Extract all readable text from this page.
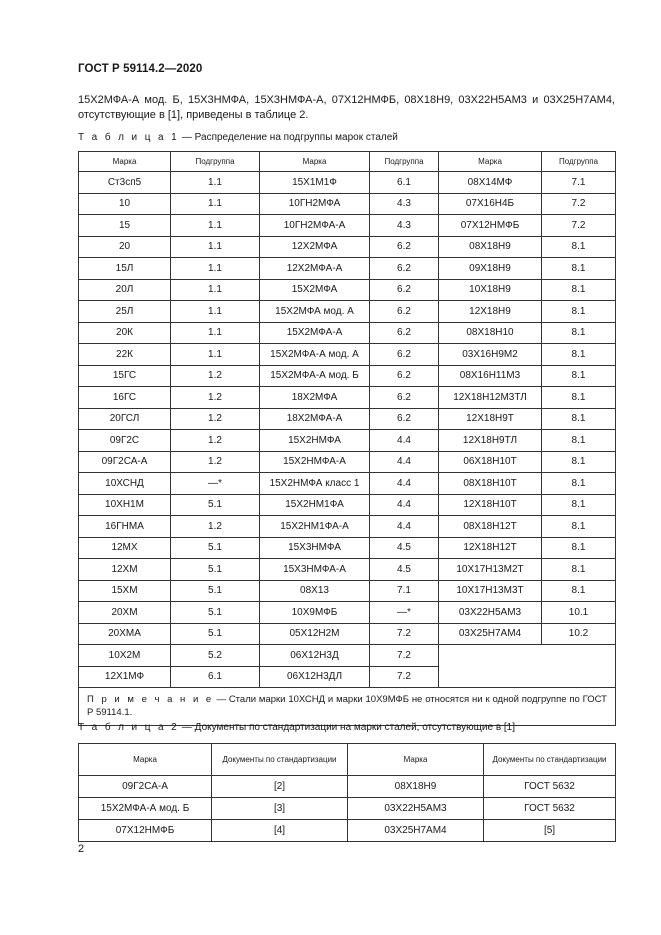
ГОСТ Р 59114.2—2020
15Х2МФА-А мод. Б, 15Х3НМФА, 15Х3НМФА-А, 07Х12НМФБ, 08Х18Н9, 03Х22Н5АМ3 и 03Х25Н7АМ4, отсутствующие в [1], приведены в таблице 2.
Т а б л и ц а 1 — Распределение на подгруппы марок сталей
Марка	Подгруппа	Марка	Подгруппа	Марка	Подгруппа
Ст3сп5	1.1	15Х1М1Ф	6.1	08Х14МФ	7.1
10	1.1	10ГН2МФА	4.3	07Х16Н4Б	7.2
15	1.1	10ГН2МФА-А	4.3	07Х12НМФБ	7.2
20	1.1	12Х2МФА	6.2	08Х18Н9	8.1
15Л	1.1	12Х2МФА-А	6.2	09Х18Н9	8.1
20Л	1.1	15Х2МФА	6.2	10Х18Н9	8.1
25Л	1.1	15Х2МФА мод. А	6.2	12Х18Н9	8.1
20К	1.1	15Х2МФА-А	6.2	08Х18Н10	8.1
22К	1.1	15Х2МФА-А мод. А	6.2	03Х16Н9М2	8.1
15ГС	1.2	15Х2МФА-А мод. Б	6.2	08Х16Н11М3	8.1
16ГС	1.2	18Х2МФА	6.2	12Х18Н12М3ТЛ	8.1
20ГСЛ	1.2	18Х2МФА-А	6.2	12Х18Н9Т	8.1
09Г2С	1.2	15Х2НМФА	4.4	12Х18Н9ТЛ	8.1
09Г2СА-А	1.2	15Х2НМФА-А	4.4	06Х18Н10Т	8.1
10ХСНД	—*	15Х2НМФА класс 1	4.4	08Х18Н10Т	8.1
10ХН1М	5.1	15Х2НМ1ФА	4.4	12Х18Н10Т	8.1
16ГНМА	1.2	15Х2НМ1ФА-А	4.4	08Х18Н12Т	8.1
12МХ	5.1	15Х3НМФА	4.5	12Х18Н12Т	8.1
12ХМ	5.1	15Х3НМФА-А	4.5	10Х17Н13М2Т	8.1
15ХМ	5.1	08Х13	7.1	10Х17Н13М3Т	8.1
20ХМ	5.1	10Х9МФБ	—*	03Х22Н5АМ3	10.1
20ХМА	5.1	05Х12Н2М	7.2	03Х25Н7АМ4	10.2
10Х2М	5.2	06Х12Н3Д	7.2		
12Х1МФ	6.1	06Х12Н3ДЛ	7.2		
П р и м е ч а н и е — Стали марки 10ХСНД и марки 10Х9МФБ не относятся ни к одной подгруппе по ГОСТ Р 59114.1.					
Т а б л и ц а 2 — Документы по стандартизации на марки сталей, отсутствующие в [1]
Марка	Документы по стандартизации	Марка	Документы по стандартизации
09Г2СА-А	[2]	08Х18Н9	ГОСТ 5632
15Х2МФА-А мод. Б	[3]	03Х22Н5АМ3	ГОСТ 5632
07Х12НМФБ	[4]	03Х25Н7АМ4	[5]
2
